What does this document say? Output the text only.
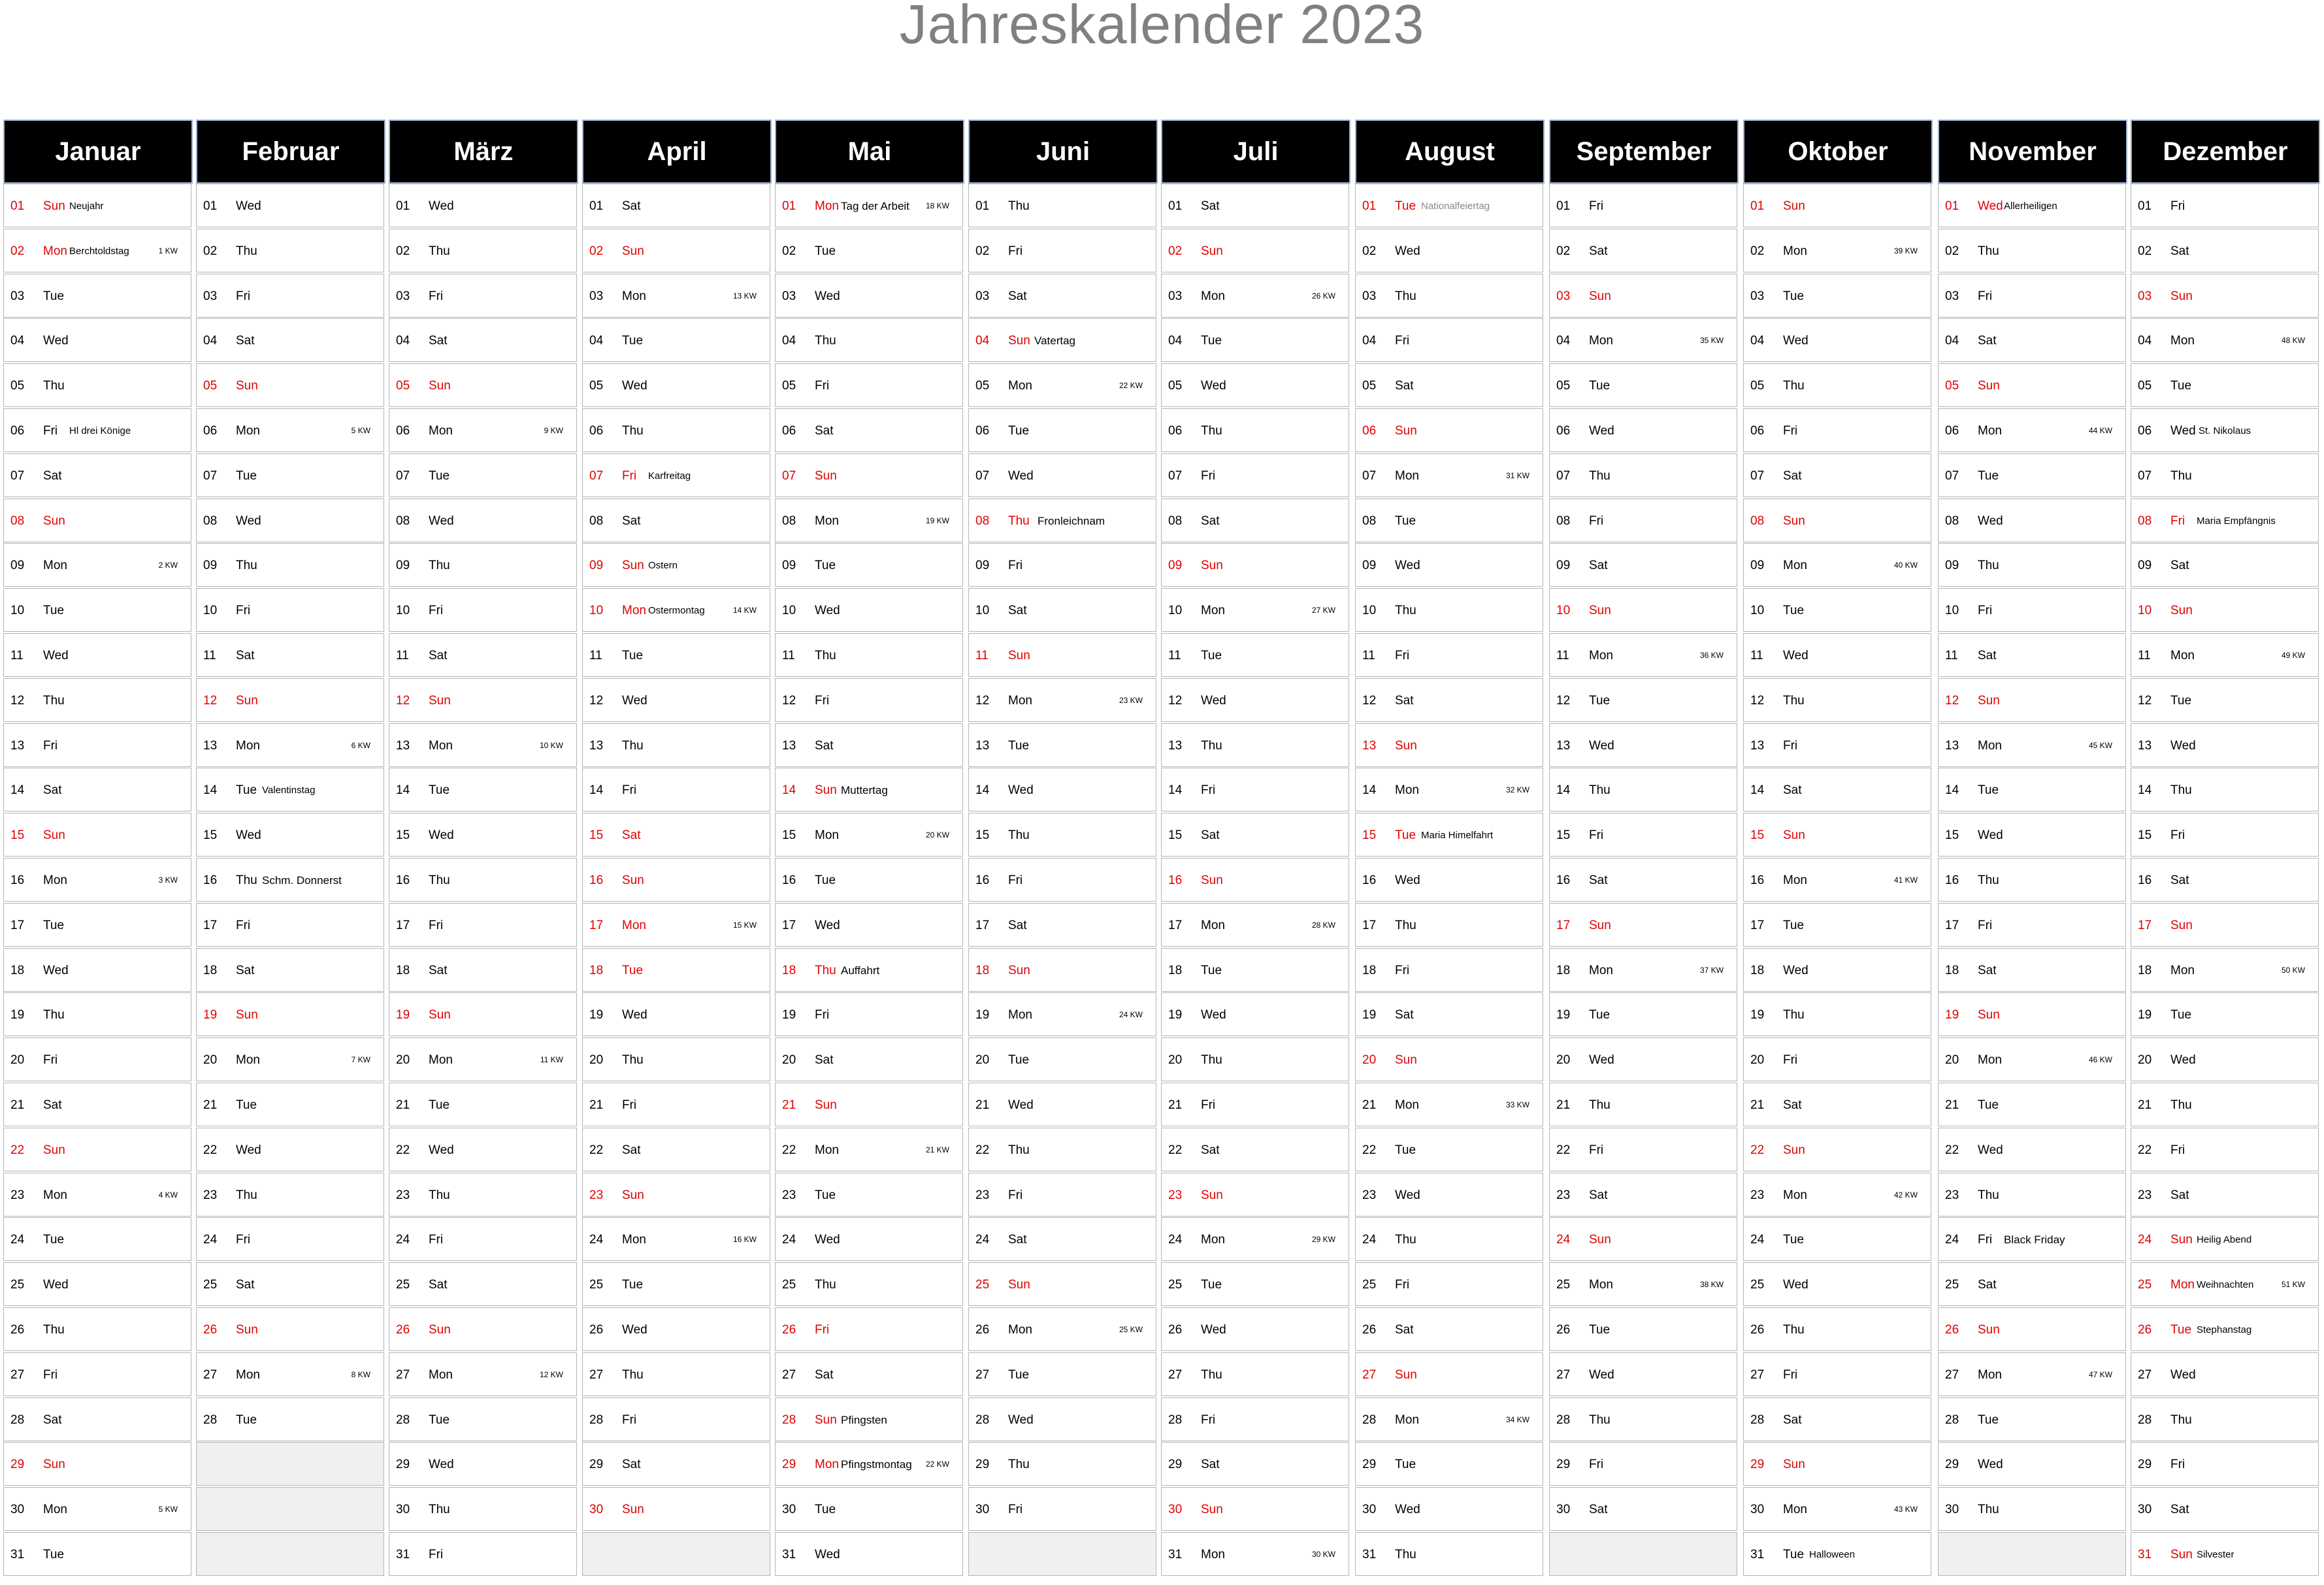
Jahreskalender 2023
Januar
01 Sun Neujahr
02 Mon Berchtoldstag	1 KW
03 Tue
04 Wed
05 Thu
06 Fri Hl drei Könige
07 Sat
08 Sun
09 Mon	2 KW
10 Tue
11 Wed
12 Thu
13 Fri
14 Sat
15 Sun
16 Mon	3 KW
17 Tue
18 Wed
19 Thu
20 Fri
21 Sat
22 Sun
23 Mon	4 KW
24 Tue
25 Wed
26 Thu
27 Fri
28 Sat
29 Sun
30 Mon	5 KW
31 Tue
Februar
01 Wed
02 Thu
03 Fri
04 Sat
05 Sun
06 Mon	5 KW
07 Tue
08 Wed
09 Thu
10 Fri
11 Sat
12 Sun
13 Mon	6 KW
14 Tue Valentinstag
15 Wed
16 Thu Schm. Donnerst
17 Fri
18 Sat
19 Sun
20 Mon	7 KW
21 Tue
22 Wed
23 Thu
24 Fri
25 Sat
26 Sun
27 Mon	8 KW
28 Tue
März
01 Wed
02 Thu
03 Fri
04 Sat
05 Sun
06 Mon	9 KW
07 Tue
08 Wed
09 Thu
10 Fri
11 Sat
12 Sun
13 Mon	10 KW
14 Tue
15 Wed
16 Thu
17 Fri
18 Sat
19 Sun
20 Mon	11 KW
21 Tue
22 Wed
23 Thu
24 Fri
25 Sat
26 Sun
27 Mon	12 KW
28 Tue
29 Wed
30 Thu
31 Fri
April
01 Sat
02 Sun
03 Mon	13 KW
04 Tue
05 Wed
06 Thu
07 Fri Karfreitag
08 Sat
09 Sun Ostern
10 Mon Ostermontag	14 KW
11 Tue
12 Wed
13 Thu
14 Fri
15 Sat
16 Sun
17 Mon	15 KW
18 Tue
19 Wed
20 Thu
21 Fri
22 Sat
23 Sun
24 Mon	16 KW
25 Tue
26 Wed
27 Thu
28 Fri
29 Sat
30 Sun
Mai
01 Mon Tag der Arbeit 18 KW
02 Tue
03 Wed
04 Thu
05 Fri
06 Sat
07 Sun
08 Mon	19 KW
09 Tue
10 Wed
11 Thu
12 Fri
13 Sat
14 Sun Muttertag
15 Mon	20 KW
16 Tue
17 Wed
18 Thu Auffahrt
19 Fri
20 Sat
21 Sun
22 Mon	21 KW
23 Tue
24 Wed
25 Thu
26 Fri
27 Sat
28 Sun Pfingsten
29 Mon Pfingstmontag 22 KW
30 Tue
31 Wed
Juni
01 Thu
02 Fri
03 Sat
04 Sun Vatertag
05 Mon	22 KW
06 Tue
07 Wed
08 Thu Fronleichnam
09 Fri
10 Sat
11 Sun
12 Mon	23 KW
13 Tue
14 Wed
15 Thu
16 Fri
17 Sat
18 Sun
19 Mon	24 KW
20 Tue
21 Wed
22 Thu
23 Fri
24 Sat
25 Sun
26 Mon	25 KW
27 Tue
28 Wed
29 Thu
30 Fri
Juli
01 Sat
02 Sun
03 Mon	26 KW
04 Tue
05 Wed
06 Thu
07 Fri
08 Sat
09 Sun
10 Mon	27 KW
11 Tue
12 Wed
13 Thu
14 Fri
15 Sat
16 Sun
17 Mon	28 KW
18 Tue
19 Wed
20 Thu
21 Fri
22 Sat
23 Sun
24 Mon	29 KW
25 Tue
26 Wed
27 Thu
28 Fri
29 Sat
30 Sun
31 Mon	30 KW
August
01 Tue Nationalfeiertag
02 Wed
03 Thu
04 Fri
05 Sat
06 Sun
07 Mon	31 KW
08 Tue
09 Wed
10 Thu
11 Fri
12 Sat
13 Sun
14 Mon	32 KW
15 Tue Maria Himelfahrt
16 Wed
17 Thu
18 Fri
19 Sat
20 Sun
21 Mon	33 KW
22 Tue
23 Wed
24 Thu
25 Fri
26 Sat
27 Sun
28 Mon	34 KW
29 Tue
30 Wed
31 Thu
September
01 Fri
02 Sat
03 Sun
04 Mon	35 KW
05 Tue
06 Wed
07 Thu
08 Fri
09 Sat
10 Sun
11 Mon	36 KW
12 Tue
13 Wed
14 Thu
15 Fri
16 Sat
17 Sun
18 Mon	37 KW
19 Tue
20 Wed
21 Thu
22 Fri
23 Sat
24 Sun
25 Mon	38 KW
26 Tue
27 Wed
28 Thu
29 Fri
30 Sat
Oktober
01 Sun
02 Mon	39 KW
03 Tue
04 Wed
05 Thu
06 Fri
07 Sat
08 Sun
09 Mon	40 KW
10 Tue
11 Wed
12 Thu
13 Fri
14 Sat
15 Sun
16 Mon	41 KW
17 Tue
18 Wed
19 Thu
20 Fri
21 Sat
22 Sun
23 Mon	42 KW
24 Tue
25 Wed
26 Thu
27 Fri
28 Sat
29 Sun
30 Mon	43 KW
31 Tue Halloween
November
01 Wed Allerheiligen
02 Thu
03 Fri
04 Sat
05 Sun
06 Mon	44 KW
07 Tue
08 Wed
09 Thu
10 Fri
11 Sat
12 Sun
13 Mon	45 KW
14 Tue
15 Wed
16 Thu
17 Fri
18 Sat
19 Sun
20 Mon	46 KW
21 Tue
22 Wed
23 Thu
24 Fri Black Friday
25 Sat
26 Sun
27 Mon	47 KW
28 Tue
29 Wed
30 Thu
Dezember
01 Fri
02 Sat
03 Sun
04 Mon	48 KW
05 Tue
06 Wed St. Nikolaus
07 Thu
08 Fri Maria Empfängnis
09 Sat
10 Sun
11 Mon	49 KW
12 Tue
13 Wed
14 Thu
15 Fri
16 Sat
17 Sun
18 Mon	50 KW
19 Tue
20 Wed
21 Thu
22 Fri
23 Sat
24 Sun Heilig Abend
25 Mon Weihnachten	51 KW
26 Tue Stephanstag
27 Wed
28 Thu
29 Fri
30 Sat
31 Sun Silvester
